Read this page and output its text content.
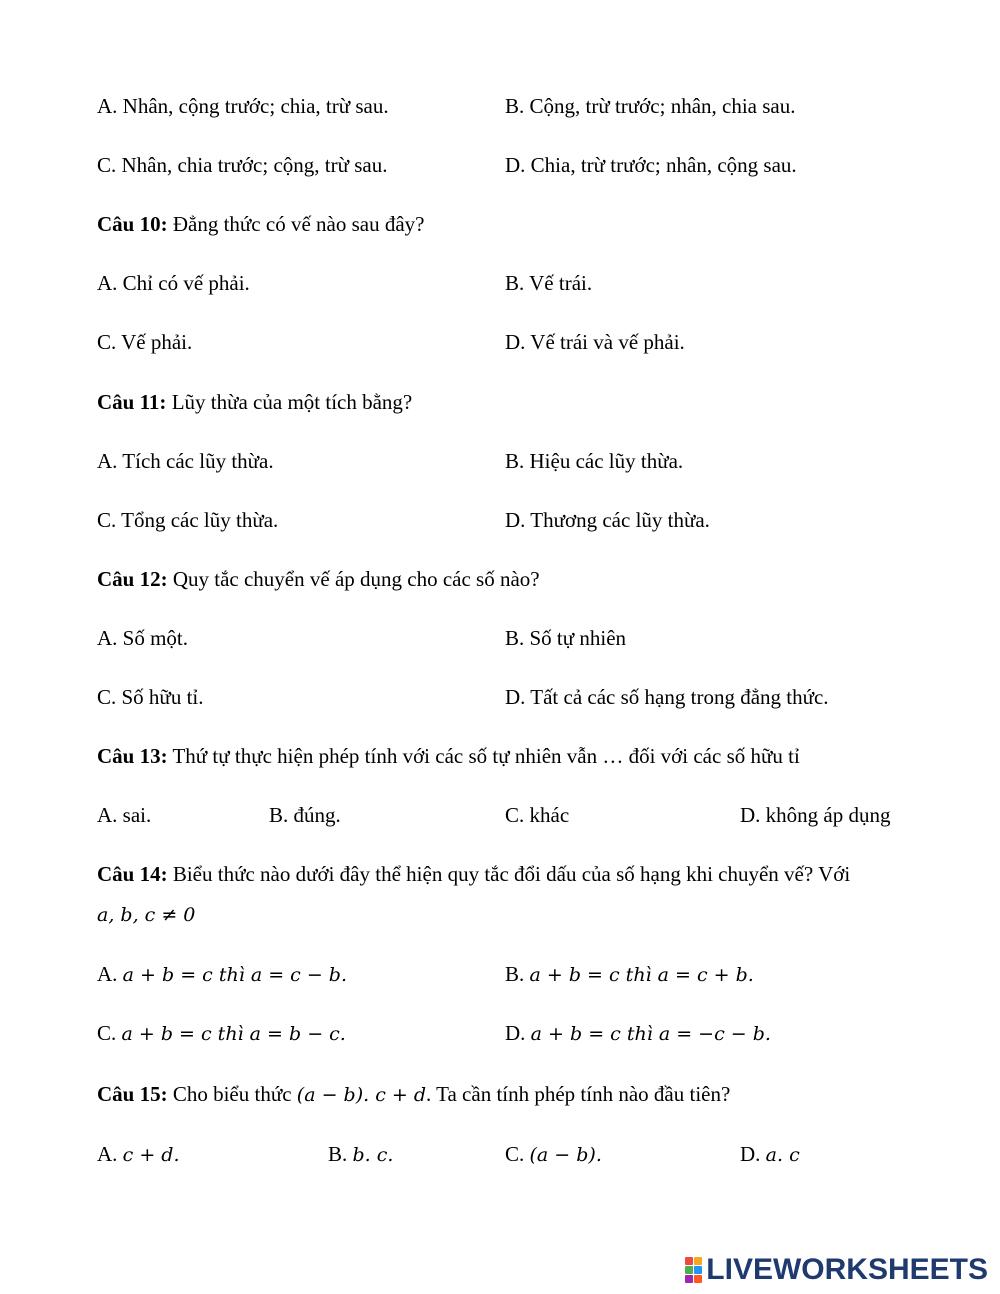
A. Nhân, cộng trước; chia, trừ sau.	B. Cộng, trừ trước; nhân, chia sau.
C. Nhân, chia trước; cộng, trừ sau.	D. Chia, trừ trước; nhân, cộng sau.
Câu 10: Đẳng thức có vế nào sau đây?
A. Chỉ có vế phải.	B. Vế trái.
C. Vế phải.	D. Vế trái và vế phải.
Câu 11: Lũy thừa của một tích bằng?
A. Tích các lũy thừa.	B. Hiệu các lũy thừa.
C. Tổng các lũy thừa.	D. Thương các lũy thừa.
Câu 12: Quy tắc chuyển vế áp dụng cho các số nào?
A. Số một.	B. Số tự nhiên
C. Số hữu tỉ.	D. Tất cả các số hạng trong đẳng thức.
Câu 13: Thứ tự thực hiện phép tính với các số tự nhiên vẫn … đối với các số hữu tỉ
A. sai.	B. đúng.	C. khác	D. không áp dụng
Câu 14: Biểu thức nào dưới đây thể hiện quy tắc đổi dấu của số hạng khi chuyển vế? Với
a, b, c ≠ 0
A. a + b = c thì a = c − b.	B. a + b = c thì a = c + b.
C. a + b = c thì a = b − c.	D. a + b = c thì a = −c − b.
Câu 15: Cho biểu thức (a − b). c + d. Ta cần tính phép tính nào đầu tiên?
A. c + d.	B. b. c.	C. (a − b).	D. a. c
LIVEWORKSHEETS
